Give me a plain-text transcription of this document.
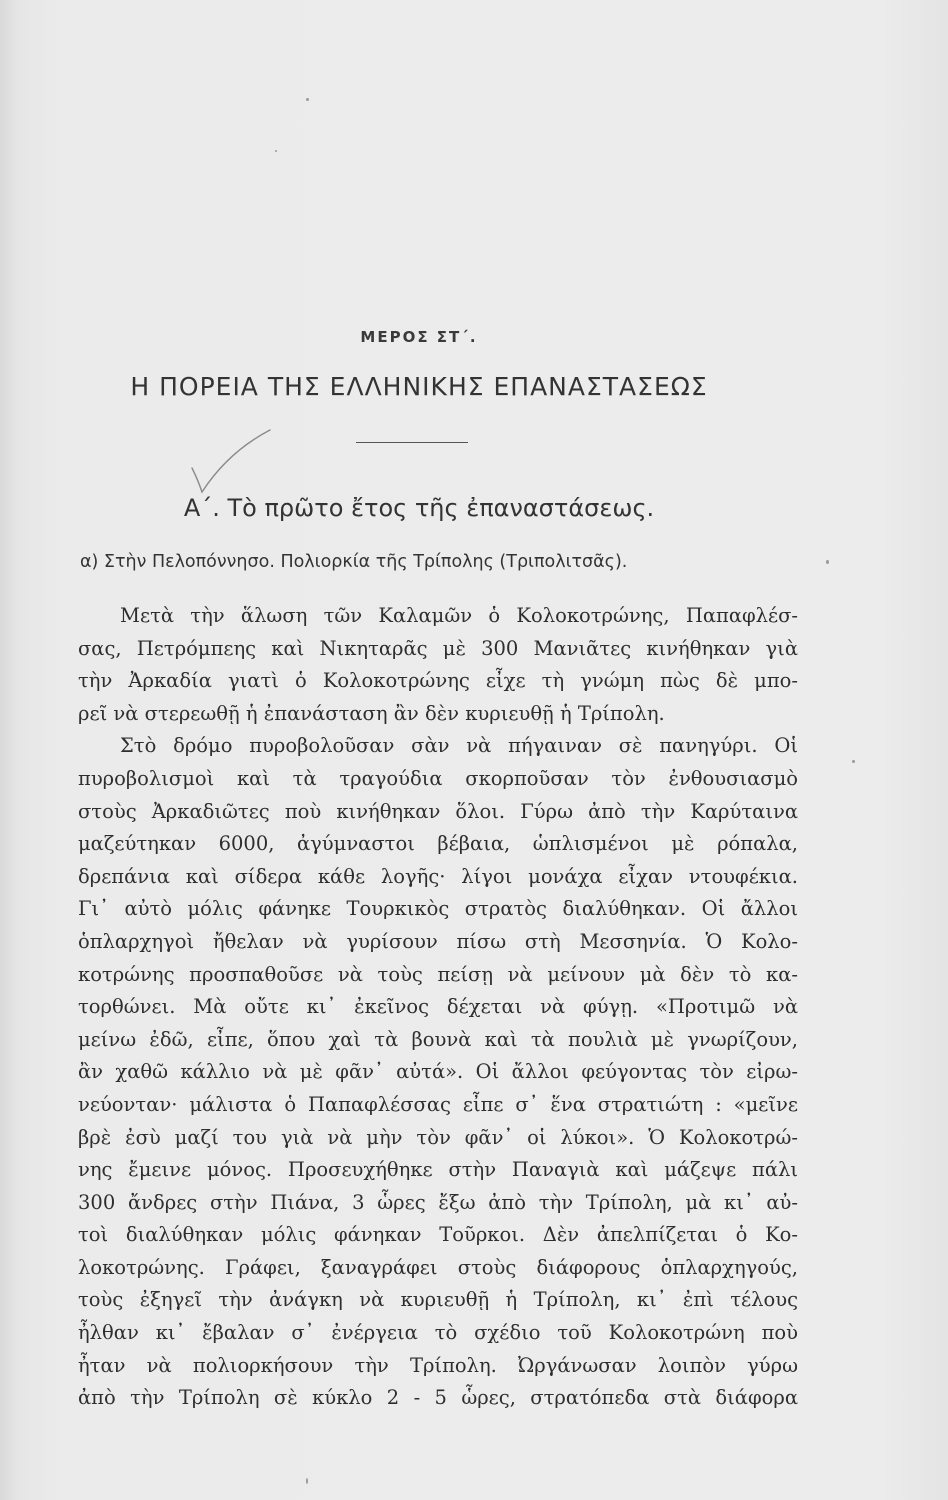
ΜΕΡΟΣ ΣΤ΄.
Η ΠΟΡΕΙΑ ΤΗΣ ΕΛΛΗΝΙΚΗΣ ΕΠΑΝΑΣΤΑΣΕΩΣ
Α΄. Τὸ πρῶτο ἔτος τῆς ἐπαναστάσεως.
α) Στὴν Πελοπόννησο. Πολιορκία τῆς Τρίπολης (Τριπολιτσᾶς).
Μετὰ τὴν ἅλωση τῶν Καλαμῶν ὁ Κολοκοτρώνης, Παπαφλέσ-
σας, Πετρόμπεης καὶ Νικηταρᾶς μὲ 300 Μανιᾶτες κινήθηκαν γιὰ
τὴν Ἀρκαδία γιατὶ ὁ Κολοκοτρώνης εἶχε τὴ γνώμη πὼς δὲ μπο-
ρεῖ νὰ στερεωθῇ ἡ ἐπανάσταση ἂν δὲν κυριευθῇ ἡ Τρίπολη.
Στὸ δρόμο πυροβολοῦσαν σὰν νὰ πήγαιναν σὲ πανηγύρι. Οἱ
πυροβολισμοὶ καὶ τὰ τραγούδια σκορποῦσαν τὸν ἐνθουσιασμὸ
στοὺς Ἀρκαδιῶτες ποὺ κινήθηκαν ὅλοι. Γύρω ἀπὸ τὴν Καρύταινα
μαζεύτηκαν 6000, ἀγύμναστοι βέβαια, ὡπλισμένοι μὲ ρόπαλα,
δρεπάνια καὶ σίδερα κάθε λογῆς· λίγοι μονάχα εἶχαν ντουφέκια.
Γι᾿ αὐτὸ μόλις φάνηκε Τουρκικὸς στρατὸς διαλύθηκαν. Οἱ ἄλλοι
ὁπλαρχηγοὶ ἤθελαν νὰ γυρίσουν πίσω στὴ Μεσσηνία. Ὁ Κολο-
κοτρώνης προσπαθοῦσε νὰ τοὺς πείσῃ νὰ μείνουν μὰ δὲν τὸ κα-
τορθώνει. Μὰ οὔτε κι᾿ ἐκεῖνος δέχεται νὰ φύγῃ. «Προτιμῶ νὰ
μείνω ἐδῶ, εἶπε, ὅπου χαὶ τὰ βουνὰ καὶ τὰ πουλιὰ μὲ γνωρίζουν,
ἂν χαθῶ κάλλιο νὰ μὲ φᾶν᾿ αὐτά». Οἱ ἄλλοι φεύγοντας τὸν εἰρω-
νεύονταν· μάλιστα ὁ Παπαφλέσσας εἶπε σ᾿ ἕνα στρατιώτη : «μεῖνε
βρὲ ἐσὺ μαζί του γιὰ νὰ μὴν τὸν φᾶν᾿ οἱ λύκοι». Ὁ Κολοκοτρώ-
νης ἔμεινε μόνος. Προσευχήθηκε στὴν Παναγιὰ καὶ μάζεψε πάλι
300 ἄνδρες στὴν Πιάνα, 3 ὧρες ἔξω ἀπὸ τὴν Τρίπολη, μὰ κι᾿ αὐ-
τοὶ διαλύθηκαν μόλις φάνηκαν Τοῦρκοι. Δὲν ἀπελπίζεται ὁ Κο-
λοκοτρώνης. Γράφει, ξαναγράφει στοὺς διάφορους ὁπλαρχηγούς,
τοὺς ἐξηγεῖ τὴν ἀνάγκη νὰ κυριευθῇ ἡ Τρίπολη, κι᾿ ἐπὶ τέλους
ἦλθαν κι᾿ ἔβαλαν σ᾿ ἐνέργεια τὸ σχέδιο τοῦ Κολοκοτρώνη ποὺ
ἦταν νὰ πολιορκήσουν τὴν Τρίπολη. Ὠργάνωσαν λοιπὸν γύρω
ἀπὸ τὴν Τρίπολη σὲ κύκλο 2 - 5 ὧρες, στρατόπεδα στὰ διάφορα
